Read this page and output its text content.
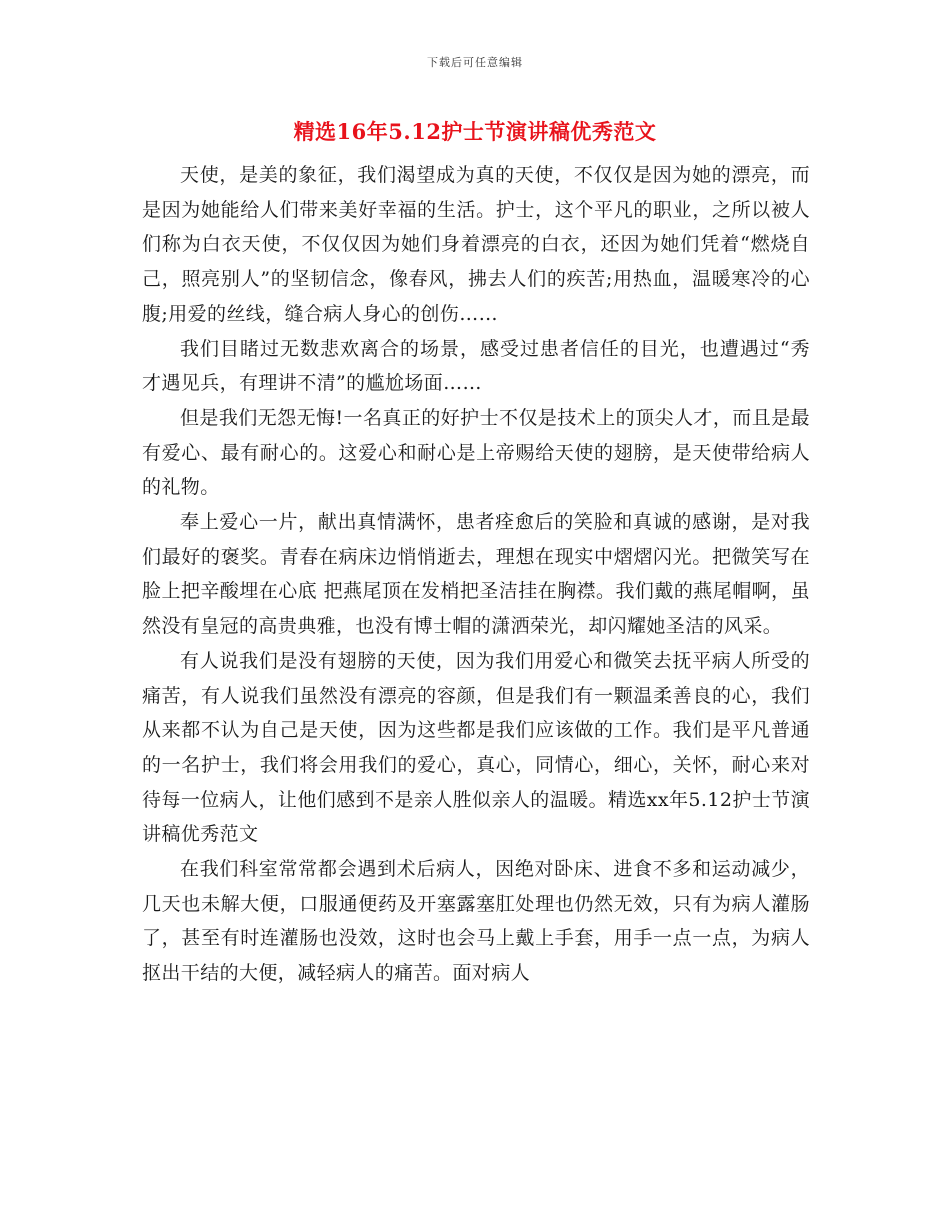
下载后可任意编辑
精选16年5.12护士节演讲稿优秀范文

天使，是美的象征，我们渴望成为真的天使，不仅仅是因为她的漂亮，而是因为她能给人们带来美好幸福的生活。护士，这个平凡的职业，之所以被人们称为白衣天使，不仅仅因为她们身着漂亮的白衣，还因为她们凭着“燃烧自己，照亮别人”的坚韧信念，像春风，拂去人们的疾苦;用热血，温暖寒冷的心腹;用爱的丝线，缝合病人身心的创伤……

我们目睹过无数悲欢离合的场景，感受过患者信任的目光，也遭遇过“秀才遇见兵，有理讲不清”的尴尬场面……

但是我们无怨无悔!一名真正的好护士不仅是技术上的顶尖人才，而且是最有爱心、最有耐心的。这爱心和耐心是上帝赐给天使的翅膀，是天使带给病人的礼物。

奉上爱心一片，献出真情满怀，患者痊愈后的笑脸和真诚的感谢，是对我们最好的褒奖。青春在病床边悄悄逝去，理想在现实中熠熠闪光。把微笑写在脸上把辛酸埋在心底 把燕尾顶在发梢把圣洁挂在胸襟。我们戴的燕尾帽啊，虽然没有皇冠的高贵典雅，也没有博士帽的潇洒荣光，却闪耀她圣洁的风采。

有人说我们是没有翅膀的天使，因为我们用爱心和微笑去抚平病人所受的痛苦，有人说我们虽然没有漂亮的容颜，但是我们有一颗温柔善良的心，我们从来都不认为自己是天使，因为这些都是我们应该做的工作。我们是平凡普通的一名护士，我们将会用我们的爱心，真心，同情心，细心，关怀，耐心来对待每一位病人，让他们感到不是亲人胜似亲人的温暖。精选xx年5.12护士节演讲稿优秀范文

在我们科室常常都会遇到术后病人，因绝对卧床、进食不多和运动减少，几天也未解大便，口服通便药及开塞露塞肛处理也仍然无效，只有为病人灌肠了，甚至有时连灌肠也没效，这时也会马上戴上手套，用手一点一点，为病人抠出干结的大便，减轻病人的痛苦。面对病人
